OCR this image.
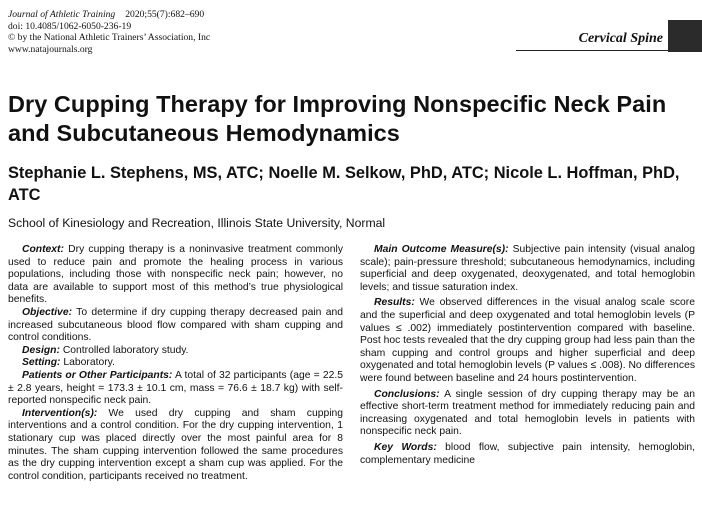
Journal of Athletic Training 2020;55(7):682–690
doi: 10.4085/1062-6050-236-19
© by the National Athletic Trainers’ Association, Inc
www.natajournals.org
Cervical Spine
Dry Cupping Therapy for Improving Nonspecific Neck Pain and Subcutaneous Hemodynamics

Stephanie L. Stephens, MS, ATC; Noelle M. Selkow, PhD, ATC; Nicole L. Hoffman, PhD, ATC

School of Kinesiology and Recreation, Illinois State University, Normal

Context: Dry cupping therapy is a noninvasive treatment commonly used to reduce pain and promote the healing process in various populations, including those with nonspecific neck pain; however, no data are available to support most of this method’s true physiological benefits.

Objective: To determine if dry cupping therapy decreased pain and increased subcutaneous blood flow compared with sham cupping and control conditions.

Design: Controlled laboratory study.

Setting: Laboratory.

Patients or Other Participants: A total of 32 participants (age = 22.5 ± 2.8 years, height = 173.3 ± 10.1 cm, mass = 76.6 ± 18.7 kg) with self-reported nonspecific neck pain.

Intervention(s): We used dry cupping and sham cupping interventions and a control condition. For the dry cupping intervention, 1 stationary cup was placed directly over the most painful area for 8 minutes. The sham cupping intervention followed the same procedures as the dry cupping intervention except a sham cup was applied. For the control condition, participants received no treatment.

Main Outcome Measure(s): Subjective pain intensity (visual analog scale); pain-pressure threshold; subcutaneous hemodynamics, including superficial and deep oxygenated, deoxygenated, and total hemoglobin levels; and tissue saturation index.

Results: We observed differences in the visual analog scale score and the superficial and deep oxygenated and total hemoglobin levels (P values ≤ .002) immediately postintervention compared with baseline. Post hoc tests revealed that the dry cupping group had less pain than the sham cupping and control groups and higher superficial and deep oxygenated and total hemoglobin levels (P values ≤ .008). No differences were found between baseline and 24 hours postintervention.

Conclusions: A single session of dry cupping therapy may be an effective short-term treatment method for immediately reducing pain and increasing oxygenated and total hemoglobin levels in patients with nonspecific neck pain.

Key Words: blood flow, subjective pain intensity, hemoglobin, complementary medicine
